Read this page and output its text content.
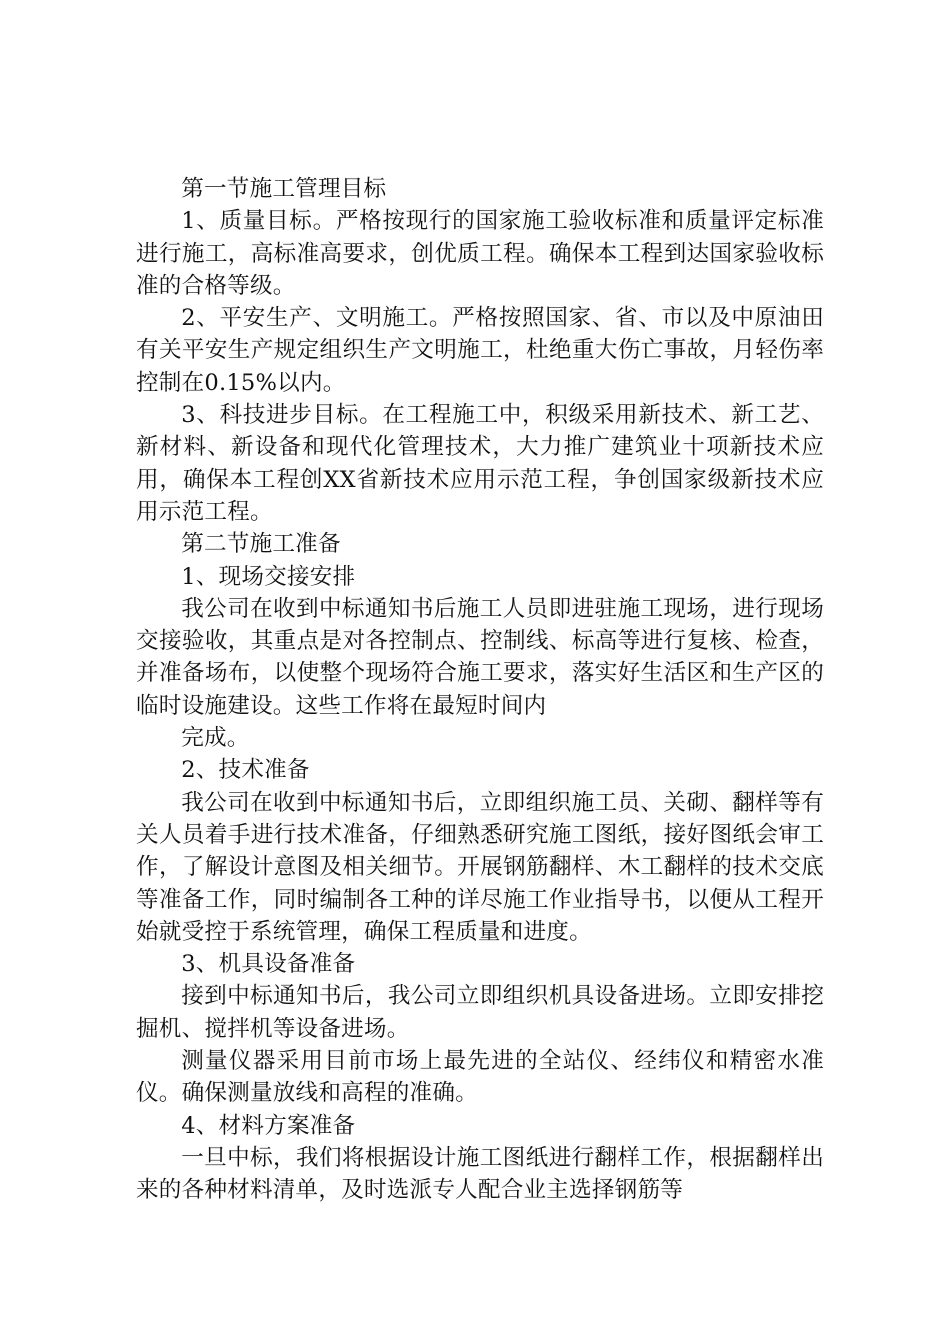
第一节施工管理目标

1、质量目标。严格按现行的国家施工验收标准和质量评定标准进行施工，高标准高要求，创优质工程。确保本工程到达国家验收标准的合格等级。

2、平安生产、文明施工。严格按照国家、省、市以及中原油田有关平安生产规定组织生产文明施工，杜绝重大伤亡事故，月轻伤率控制在0.15%以内。

3、科技进步目标。在工程施工中，积级采用新技术、新工艺、新材料、新设备和现代化管理技术，大力推广建筑业十项新技术应用，确保本工程创XX省新技术应用示范工程，争创国家级新技术应用示范工程。

第二节施工准备

1、现场交接安排

我公司在收到中标通知书后施工人员即进驻施工现场，进行现场交接验收，其重点是对各控制点、控制线、标高等进行复核、检查，并准备场布，以使整个现场符合施工要求，落实好生活区和生产区的临时设施建设。这些工作将在最短时间内

完成。

2、技术准备

我公司在收到中标通知书后，立即组织施工员、关砌、翻样等有关人员着手进行技术准备，仔细熟悉研究施工图纸，接好图纸会审工作，了解设计意图及相关细节。开展钢筋翻样、木工翻样的技术交底等准备工作，同时编制各工种的详尽施工作业指导书，以便从工程开始就受控于系统管理，确保工程质量和进度。

3、机具设备准备

接到中标通知书后，我公司立即组织机具设备进场。立即安排挖掘机、搅拌机等设备进场。

测量仪器采用目前市场上最先进的全站仪、经纬仪和精密水准仪。确保测量放线和高程的准确。

4、材料方案准备

一旦中标，我们将根据设计施工图纸进行翻样工作，根据翻样出来的各种材料清单，及时选派专人配合业主选择钢筋等
